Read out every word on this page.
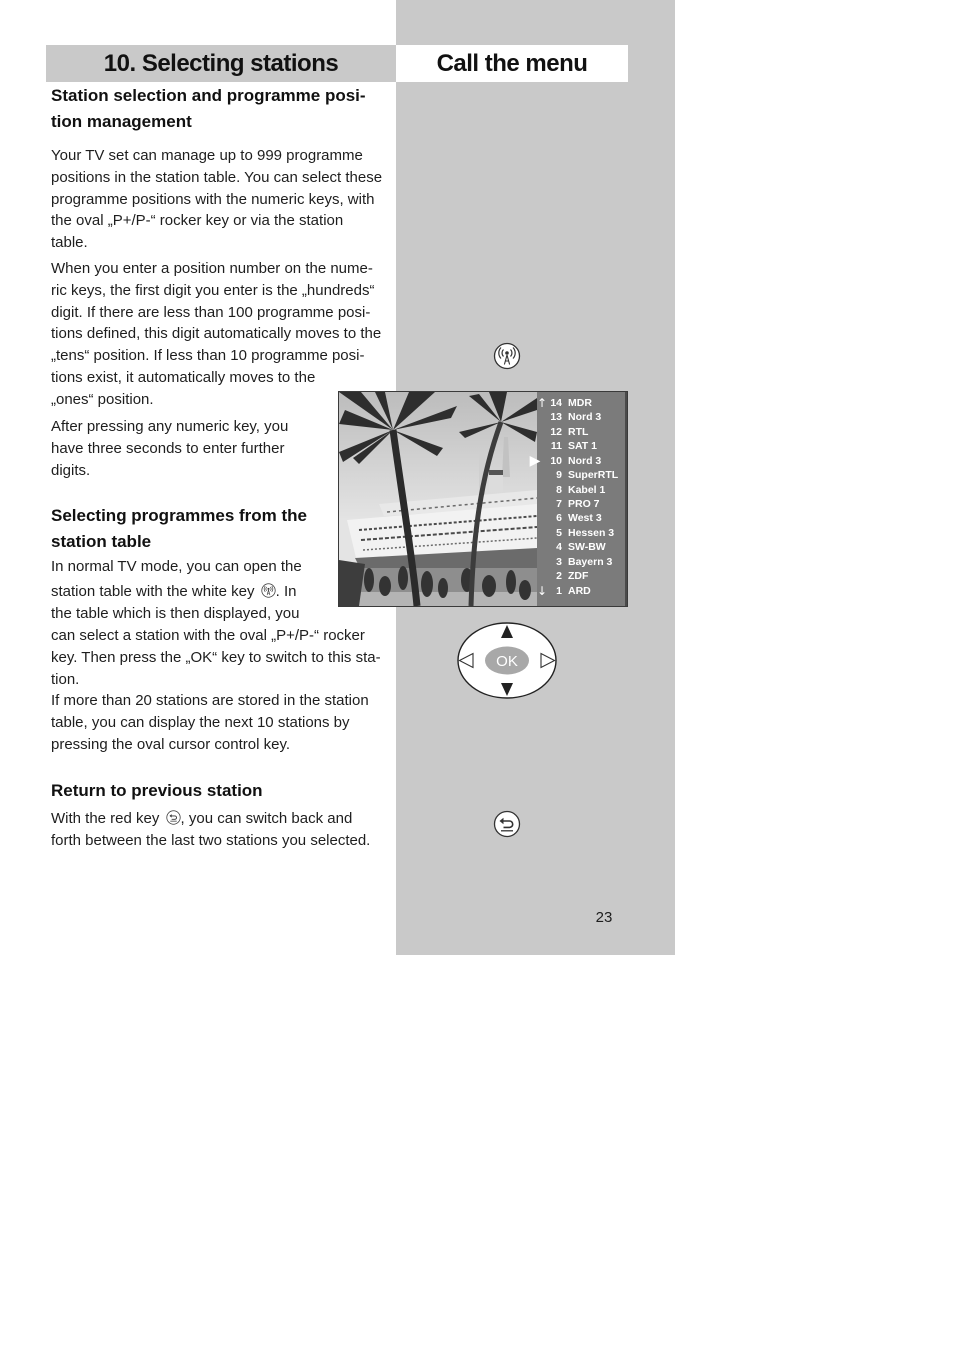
10. Selecting stations	Call the menu
Station selection and programme posi-
tion management
Your TV set can manage up to 999 programme
positions in the station table. You can select these
programme positions with the numeric keys, with
the oval „P+/P-“ rocker key or via the station
table.
When you enter a position number on the nume-
ric keys, the first digit you enter is the „hundreds“
digit. If there are less than 100 programme posi-
tions defined, this digit automatically moves to the
„tens“ position. If less than 10 programme posi-
tions exist, it automatically moves to the
„ones“ position.
After pressing any numeric key, you
have three seconds to enter further
digits.
Selecting programmes from the
station table
In normal TV mode, you can open the
station table with the white key
. In
the table which is then displayed, you
can select a station with the oval „P+/P-“ rocker
key. Then press the „OK“ key to switch to this sta-
tion.
If more than 20 stations are stored in the station
table, you can display the next 10 stations by
pressing the oval cursor control key.
Return to previous station
With the red key
, you can switch back and
forth between the last two stations you selected.
↑ 14 MDR
13 Nord 3
12 RTL
11 SAT 1
▶ 10 Nord 3
9 SuperRTL
8 Kabel 1
7 PRO 7
6 West 3
5 Hessen 3
4 SW-BW
3 Bayern 3
2 ZDF
↓ 1 ARD
OK
23
